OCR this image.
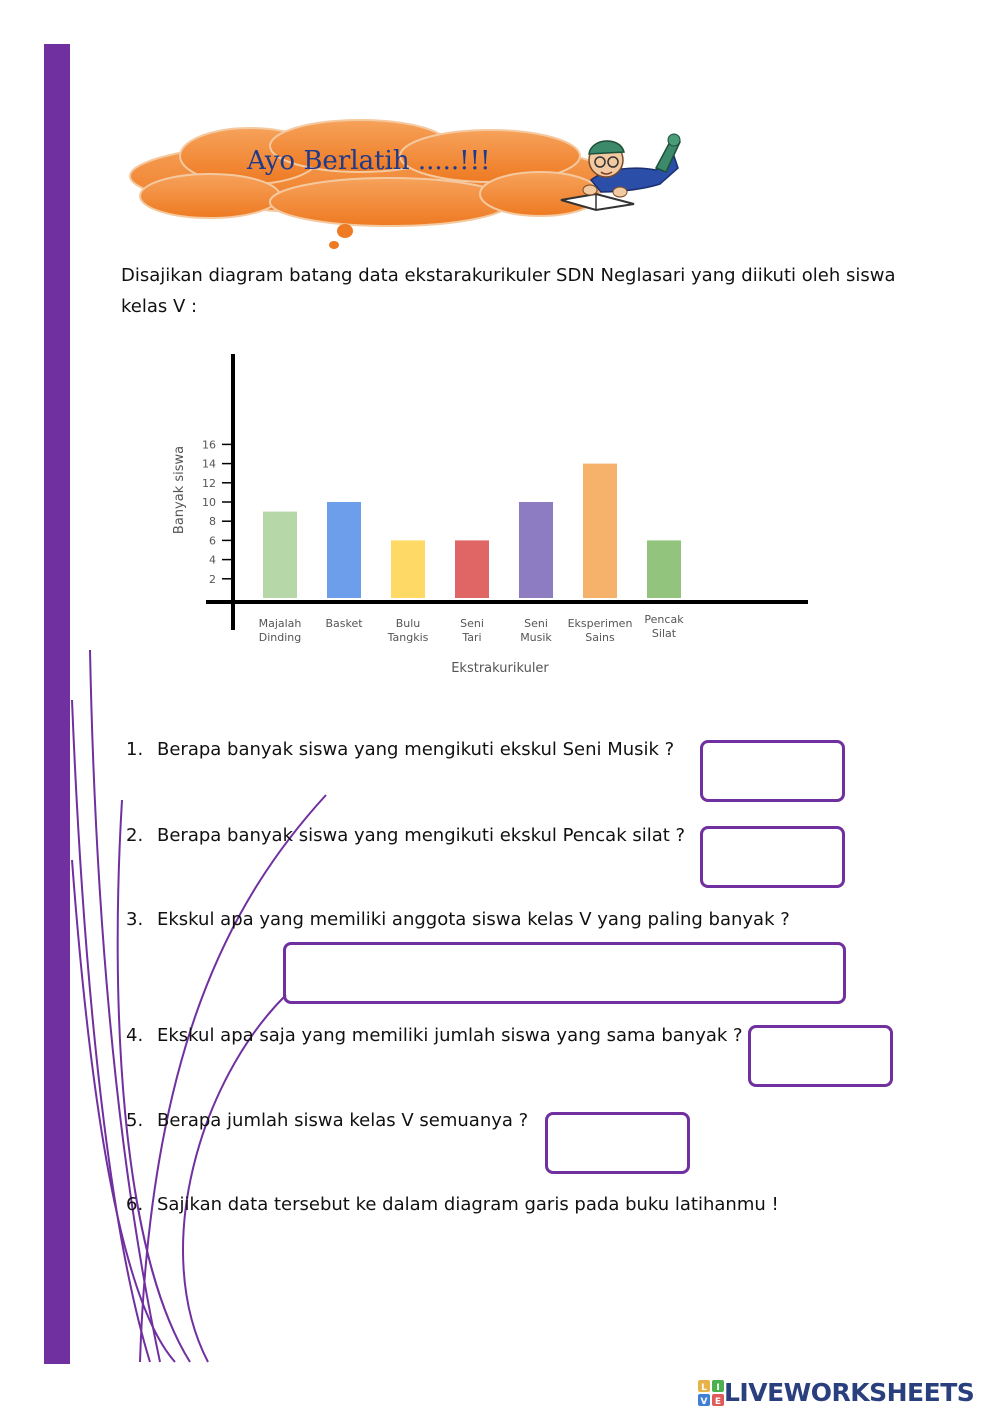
Ayo Berlatih .....!!!
Disajikan diagram batang data ekstarakurikuler SDN Neglasari yang diikuti oleh siswa kelas V :
2
4
6
8
10
12
14
16
Majalah
Dinding
Basket	Bulu
Tangkis
Seni
Tari
Seni
Musik
Eksperimen
Sains
Pencak
Silat
Banyak siswa
Ekstrakurikuler
1. Berapa banyak siswa yang mengikuti ekskul Seni Musik ?
2. Berapa banyak siswa yang mengikuti ekskul Pencak silat ?
3. Ekskul apa yang memiliki anggota siswa kelas V yang paling banyak ?
4. Ekskul apa saja yang memiliki jumlah siswa yang sama banyak ?
5. Berapa jumlah siswa kelas V semuanya ?
6. Sajikan data tersebut ke dalam diagram garis pada buku latihanmu !
L I
V E LIVEWORKSHEETS
